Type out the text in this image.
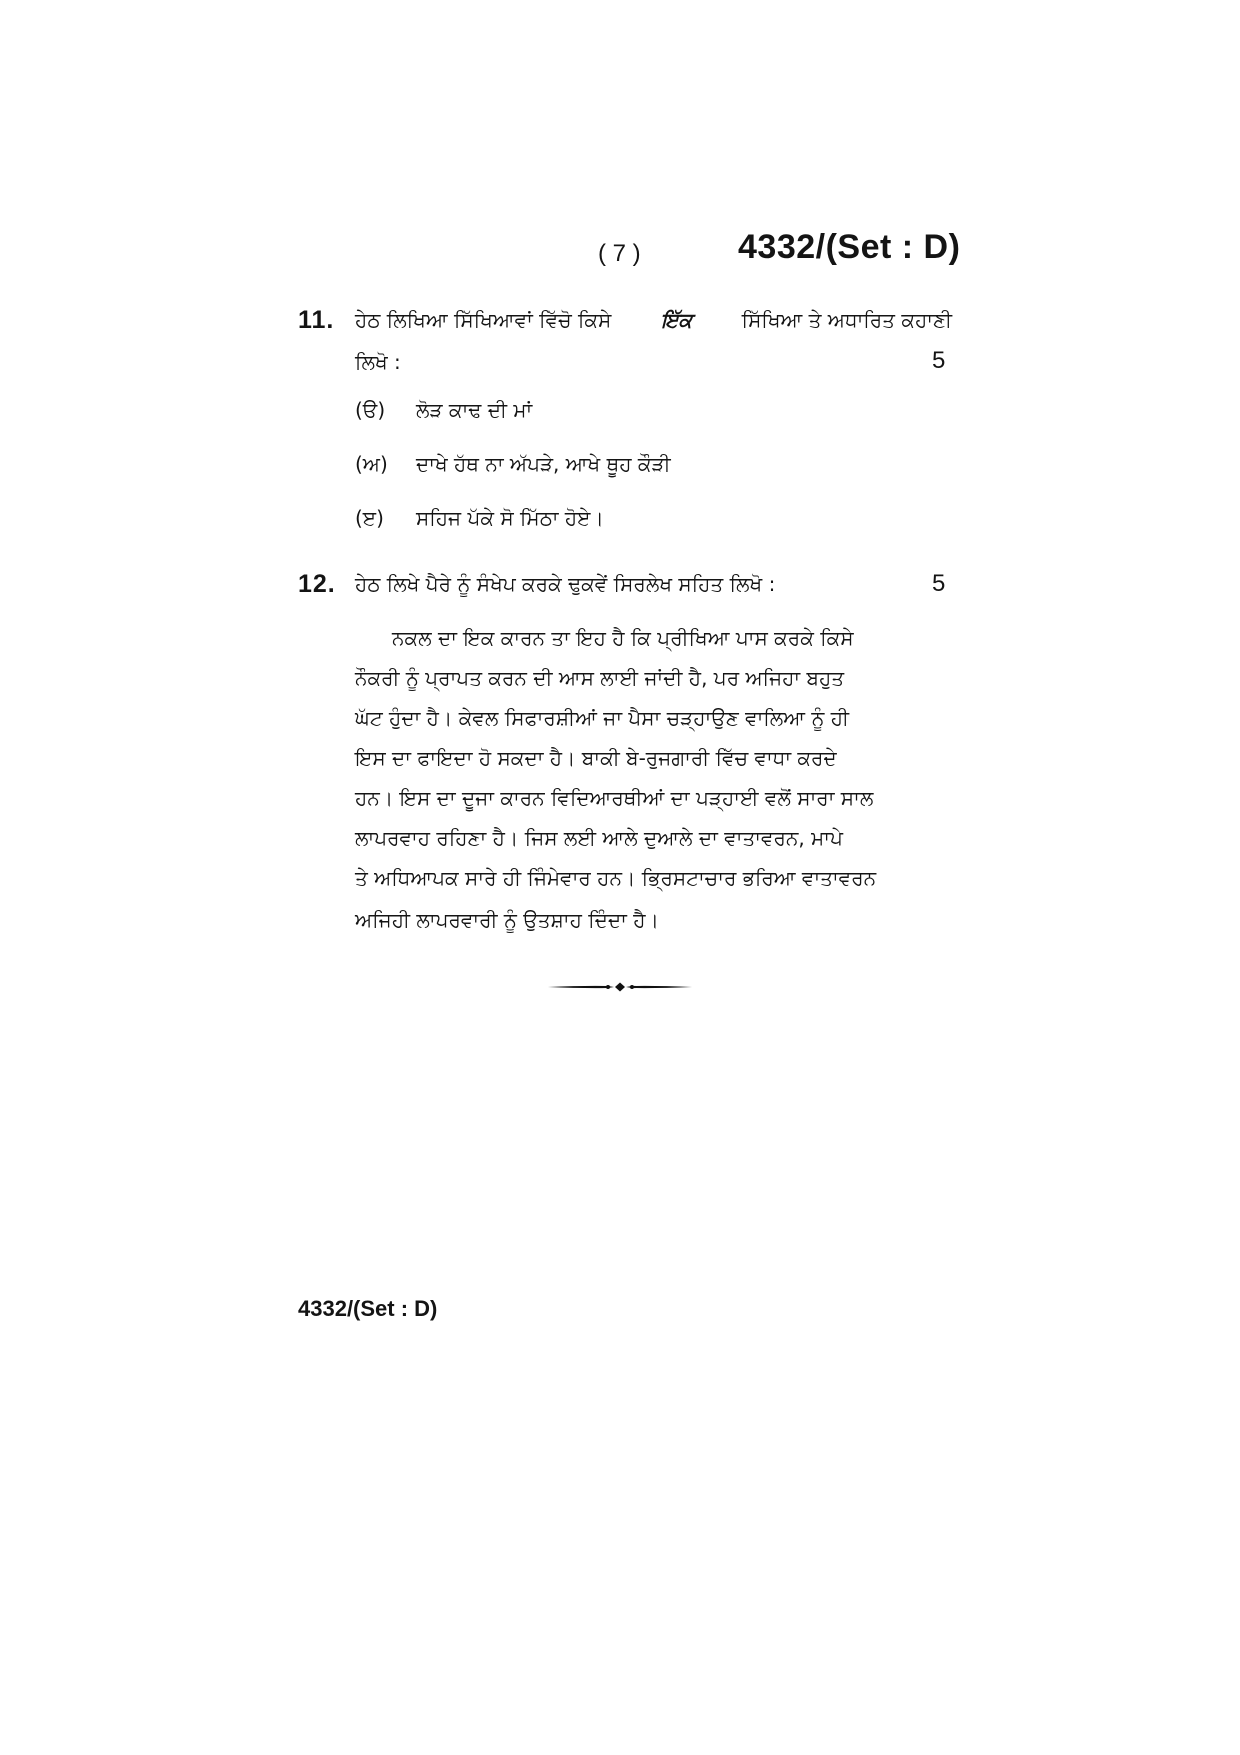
( 7 )	4332/(Set : D)
11. ਹੇਠ ਲਿਖਿਆ ਸਿੱਖਿਆਵਾਂ ਵਿੱਚੋ ਕਿਸੇ ਇੱਕ ਸਿੱਖਿਆ ਤੇ ਅਧਾਰਿਤ ਕਹਾਣੀ
ਲਿਖੋ :	5
(ੳ) ਲੋੜ ਕਾਢ ਦੀ ਮਾਂ
(ਅ) ਦਾਖੇ ਹੱਥ ਨਾ ਅੱਪੜੇ, ਆਖੇ ਥੂਹ ਕੌੜੀ
(ੲ) ਸਹਿਜ ਪੱਕੇ ਸੋ ਮਿੱਠਾ ਹੋਏ।
12. ਹੇਠ ਲਿਖੇ ਪੈਰੇ ਨੂੰ ਸੰਖੇਪ ਕਰਕੇ ਢੁਕਵੇਂ ਸਿਰਲੇਖ ਸਹਿਤ ਲਿਖੋ :	5
ਨਕਲ ਦਾ ਇਕ ਕਾਰਨ ਤਾ ਇਹ ਹੈ ਕਿ ਪ੍ਰੀਖਿਆ ਪਾਸ ਕਰਕੇ ਕਿਸੇ
ਨੌਕਰੀ ਨੂੰ ਪ੍ਰਾਪਤ ਕਰਨ ਦੀ ਆਸ ਲਾਈ ਜਾਂਦੀ ਹੈ, ਪਰ ਅਜਿਹਾ ਬਹੁਤ
ਘੱਟ ਹੁੰਦਾ ਹੈ। ਕੇਵਲ ਸਿਫਾਰਸ਼ੀਆਂ ਜਾ ਪੈਸਾ ਚੜ੍ਹਾਉਣ ਵਾਲਿਆ ਨੂੰ ਹੀ
ਇਸ ਦਾ ਫਾਇਦਾ ਹੋ ਸਕਦਾ ਹੈ। ਬਾਕੀ ਬੇ-ਰੁਜਗਾਰੀ ਵਿੱਚ ਵਾਧਾ ਕਰਦੇ
ਹਨ। ਇਸ ਦਾ ਦੂਜਾ ਕਾਰਨ ਵਿਦਿਆਰਥੀਆਂ ਦਾ ਪੜ੍ਹਾਈ ਵਲੋਂ ਸਾਰਾ ਸਾਲ
ਲਾਪਰਵਾਹ ਰਹਿਣਾ ਹੈ। ਜਿਸ ਲਈ ਆਲੇ ਦੁਆਲੇ ਦਾ ਵਾਤਾਵਰਨ, ਮਾਪੇ
ਤੇ ਅਧਿਆਪਕ ਸਾਰੇ ਹੀ ਜਿੰਮੇਵਾਰ ਹਨ। ਭ੍ਰਿਸਟਾਚਾਰ ਭਰਿਆ ਵਾਤਾਵਰਨ
ਅਜਿਹੀ ਲਾਪਰਵਾਰੀ ਨੂੰ ਉਤਸ਼ਾਹ ਦਿੰਦਾ ਹੈ।
4332/(Set : D)
